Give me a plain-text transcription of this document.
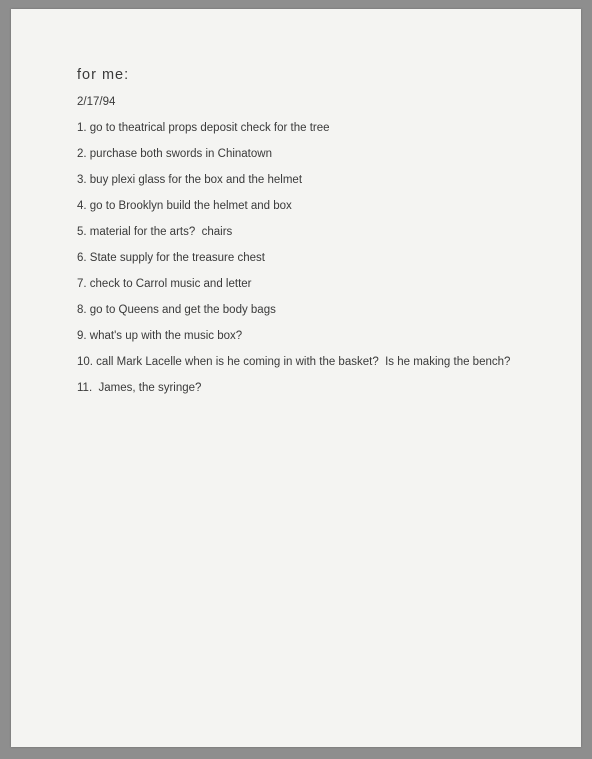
for me:
2/17/94
1. go to theatrical props deposit check for the tree
2. purchase both swords in Chinatown
3. buy plexi glass for the box and the helmet
4. go to Brooklyn build the helmet and box
5. material for the arts?  chairs
6. State supply for the treasure chest
7. check to Carrol music and letter
8. go to Queens and get the body bags
9. what's up with the music box?
10. call Mark Lacelle when is he coming in with the basket?  Is he making the bench?
11.  James, the syringe?
